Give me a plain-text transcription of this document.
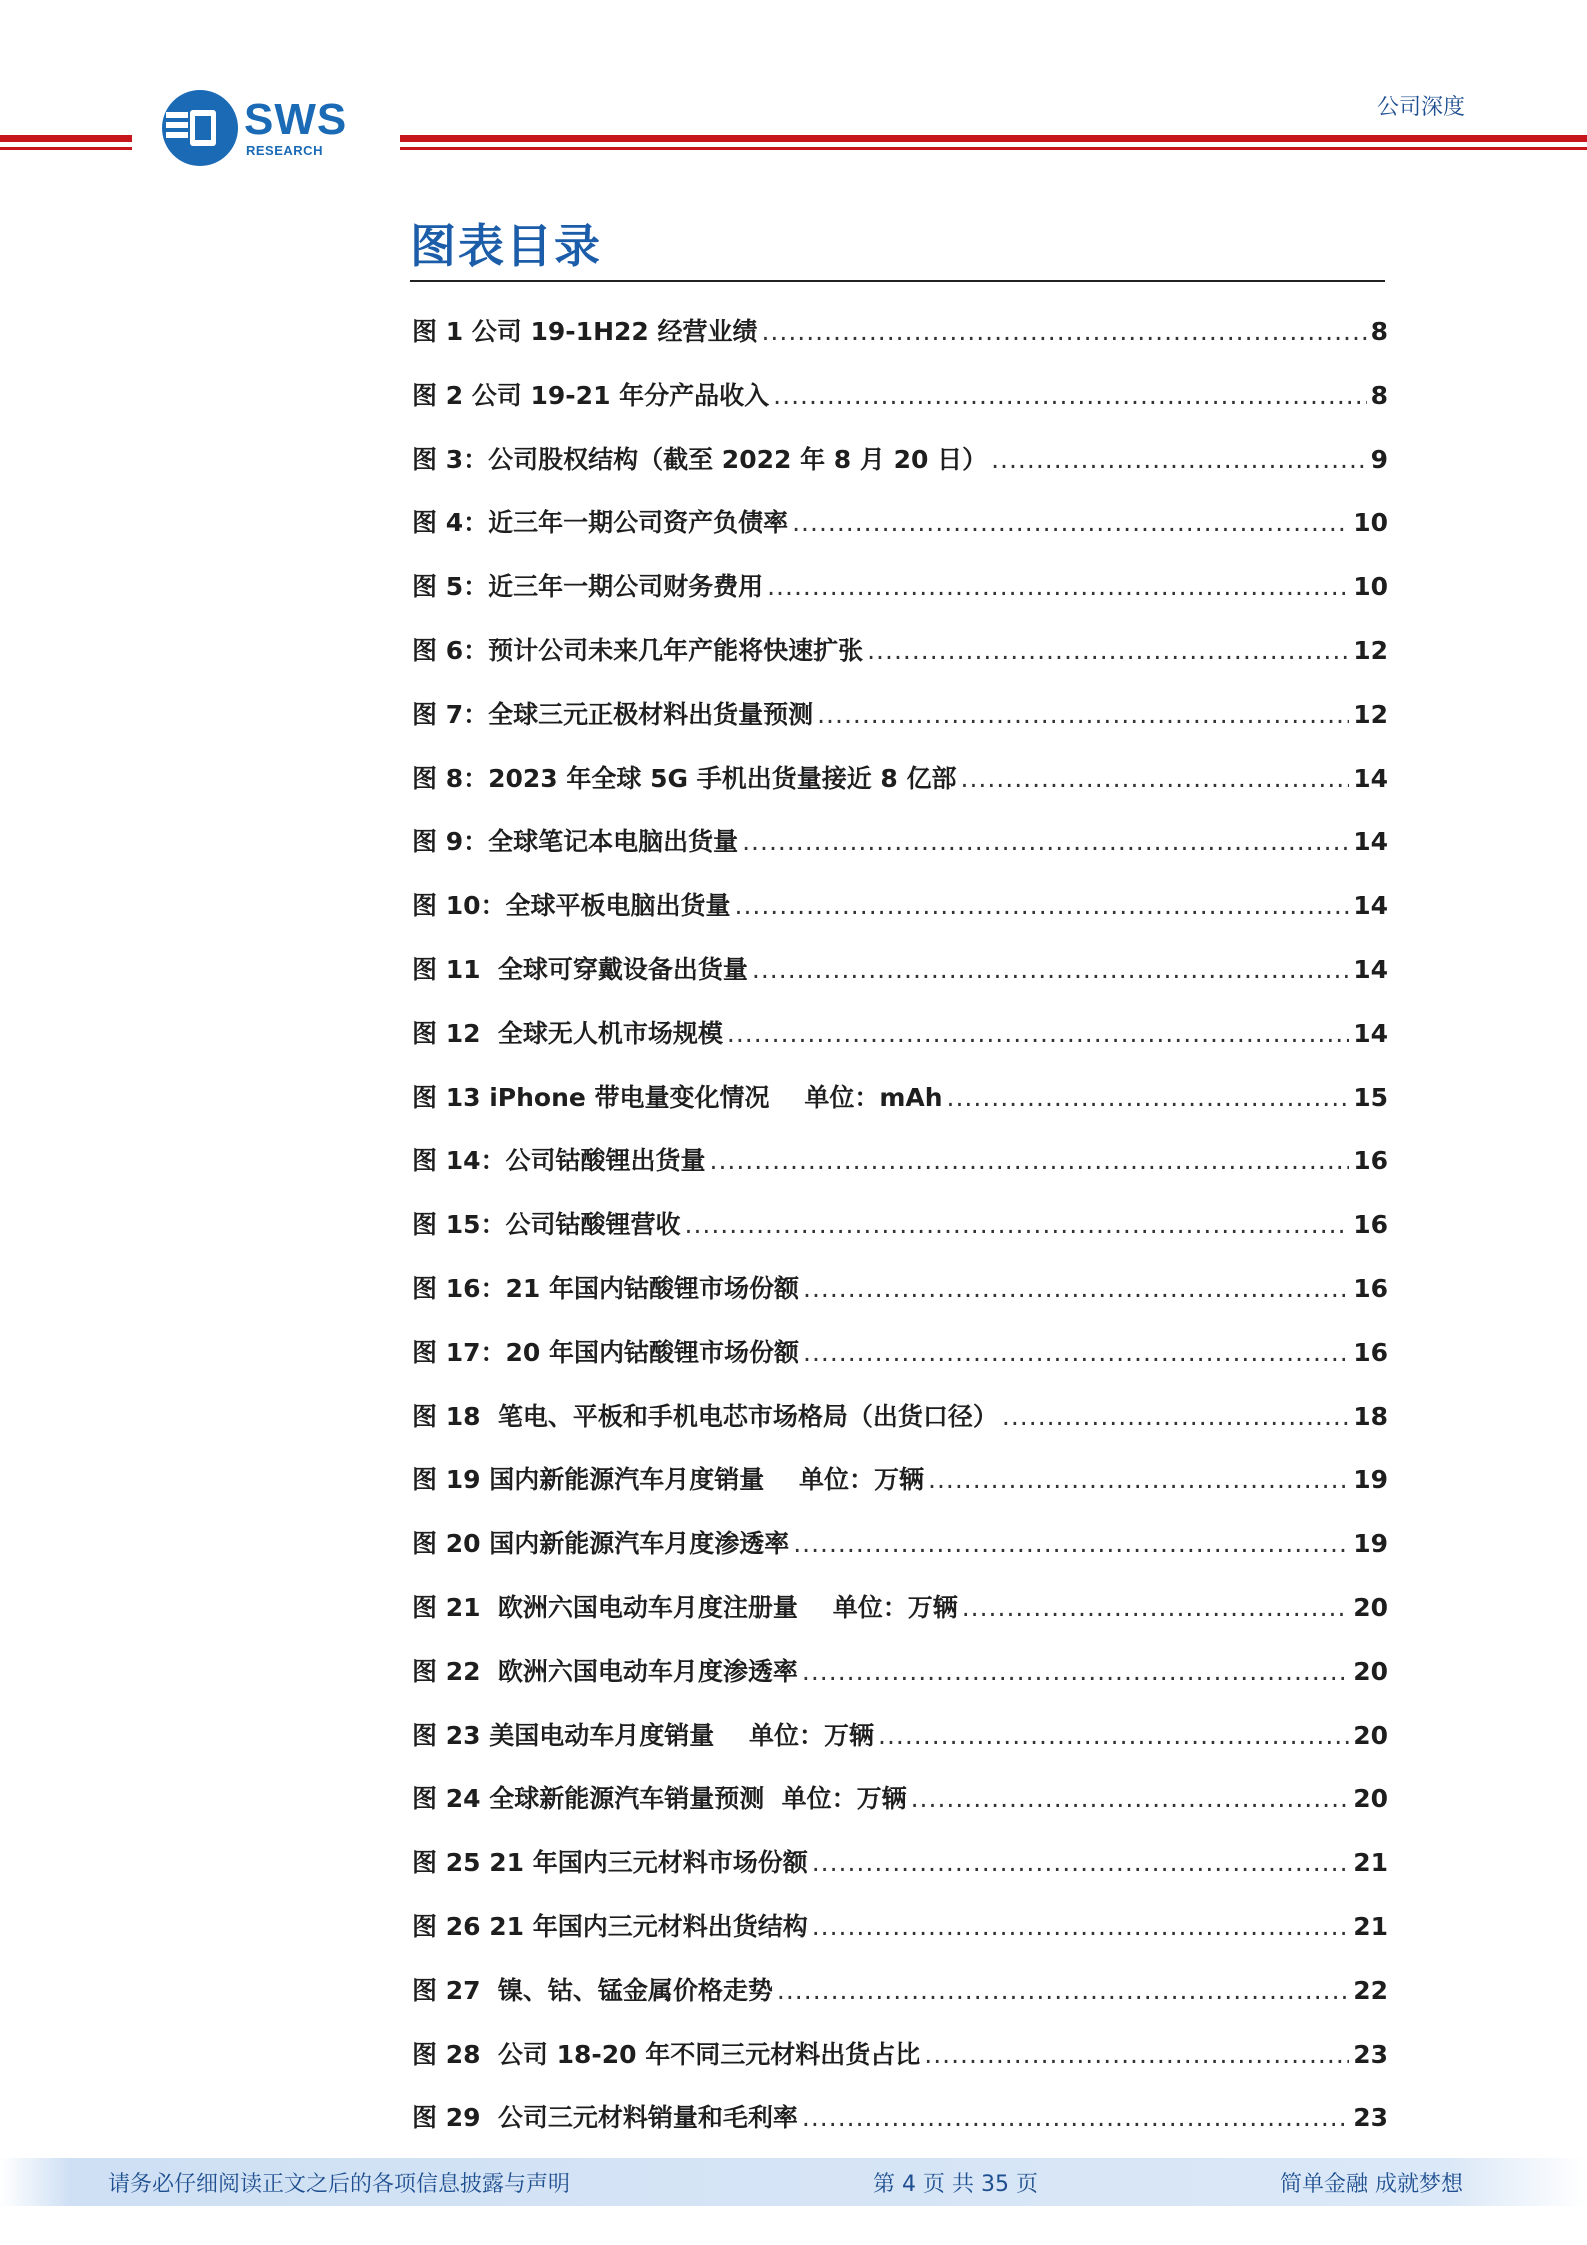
SWS
RESEARCH
公司深度
图表目录
图 1 公司 19-1H22 经营业绩 .....	8
图 2 公司 19-21 年分产品收入 .....	8
图 3：公司股权结构（截至 2022 年 8 月 20 日） .....	9
图 4：近三年一期公司资产负债率 .....	10
图 5：近三年一期公司财务费用 .....	10
图 6：预计公司未来几年产能将快速扩张 .....	12
图 7：全球三元正极材料出货量预测 .....	12
图 8：2023 年全球 5G 手机出货量接近 8 亿部 .....	14
图 9：全球笔记本电脑出货量 .....	14
图 10：全球平板电脑出货量 .....	14
图 11  全球可穿戴设备出货量 .....	14
图 12  全球无人机市场规模 .....	14
图 13 iPhone 带电量变化情况    单位：mAh .....	15
图 14：公司钴酸锂出货量 .....	16
图 15：公司钴酸锂营收 .....	16
图 16：21 年国内钴酸锂市场份额 .....	16
图 17：20 年国内钴酸锂市场份额 .....	16
图 18  笔电、平板和手机电芯市场格局（出货口径） .....	18
图 19 国内新能源汽车月度销量    单位：万辆 .....	19
图 20 国内新能源汽车月度渗透率 .....	19
图 21  欧洲六国电动车月度注册量    单位：万辆 .....	20
图 22  欧洲六国电动车月度渗透率 .....	20
图 23 美国电动车月度销量    单位：万辆 .....	20
图 24 全球新能源汽车销量预测  单位：万辆 .....	20
图 25 21 年国内三元材料市场份额 .....	21
图 26 21 年国内三元材料出货结构 .....	21
图 27  镍、钴、锰金属价格走势 .....	22
图 28  公司 18-20 年不同三元材料出货占比 .....	23
图 29  公司三元材料销量和毛利率 .....	23
请务必仔细阅读正文之后的各项信息披露与声明	第 4 页 共 35 页	简单金融 成就梦想
